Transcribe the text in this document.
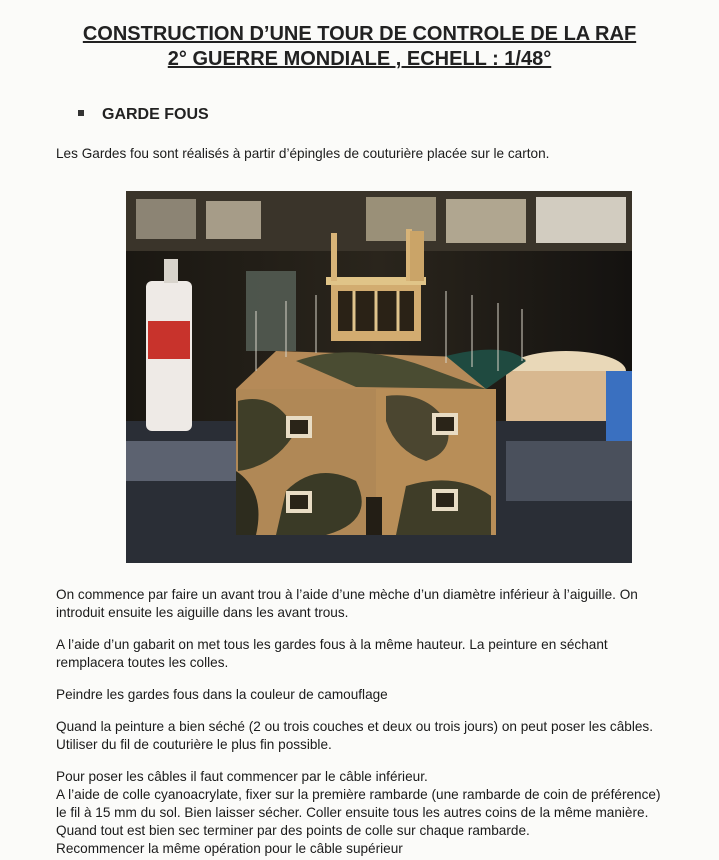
CONSTRUCTION D’UNE TOUR DE CONTROLE DE LA RAF
2° GUERRE MONDIALE , ECHELL : 1/48°
GARDE FOUS
Les Gardes fou sont réalisés à partir d’épingles de couturière placée sur le carton.
On commence par faire un avant trou à l’aide d’une mèche d’un diamètre inférieur à l’aiguille. On
introduit ensuite les aiguille dans les avant trous.
A l’aide d’un gabarit on met tous les gardes fous à la même hauteur. La peinture en séchant
remplacera toutes les colles.
Peindre les gardes fous dans la couleur de camouflage
Quand la peinture a bien séché (2 ou trois couches et deux ou trois jours) on peut poser les câbles.
Utiliser du fil de couturière le plus fin possible.
Pour poser les câbles il faut commencer par le câble inférieur.
A l’aide de colle cyanoacrylate, fixer sur la première rambarde (une rambarde de coin de préférence)
le fil à 15 mm du sol. Bien laisser sécher. Coller ensuite tous les autres coins de la même manière.
Quand tout est bien sec terminer par des points de colle sur chaque rambarde.
Recommencer la même opération pour le câble supérieur
